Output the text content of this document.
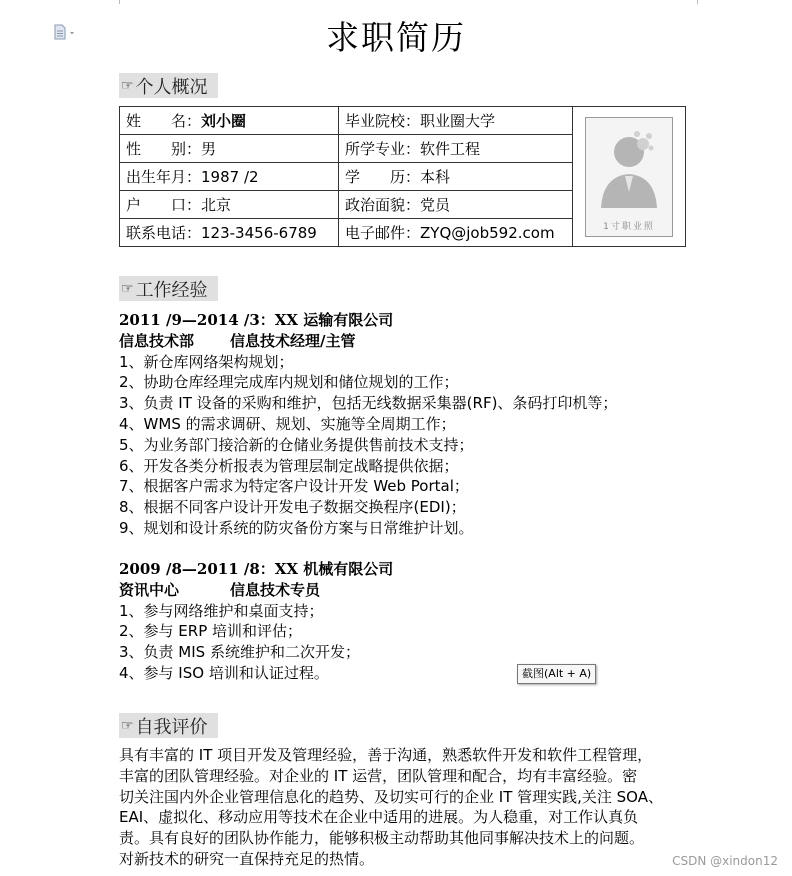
求职简历
☞ 个人概况
姓　　名：刘小圈	毕业院校：职业圈大学	1寸职业照

性　　别：男	所学专业：软件工程	
出生年月：1987 /2	学　　历：本科	
户　　口：北京	政治面貌：党员	
联系电话：123-3456-6789	电子邮件：ZYQ@job592.com	
☞ 工作经验
2011 /9—2014 /3：XX 运输有限公司
信息技术部 信息技术经理/主管
1、新仓库网络架构规划；
2、协助仓库经理完成库内规划和储位规划的工作；
3、负责 IT 设备的采购和维护，包括无线数据采集器(RF)、条码打印机等；
4、WMS 的需求调研、规划、实施等全周期工作；
5、为业务部门接洽新的仓储业务提供售前技术支持；
6、开发各类分析报表为管理层制定战略提供依据；
7、根据客户需求为特定客户设计开发 Web Portal；
8、根据不同客户设计开发电子数据交换程序(EDI)；
9、规划和设计系统的防灾备份方案与日常维护计划。
2009 /8—2011 /8：XX 机械有限公司
资讯中心	信息技术专员
1、参与网络维护和桌面支持；
2、参与 ERP 培训和评估；
3、负责 MIS 系统维护和二次开发；
4、参与 ISO 培训和认证过程。	截图(Alt + A)
☞ 自我评价
具有丰富的 IT 项目开发及管理经验，善于沟通，熟悉软件开发和软件工程管理，
丰富的团队管理经验。对企业的 IT 运营，团队管理和配合，均有丰富经验。密
切关注国内外企业管理信息化的趋势、及切实可行的企业 IT 管理实践,关注 SOA、
EAI、虚拟化、移动应用等技术在企业中适用的进展。为人稳重，对工作认真负
责。具有良好的团队协作能力，能够积极主动帮助其他同事解决技术上的问题。
对新技术的研究一直保持充足的热情。	CSDN @xindon12
